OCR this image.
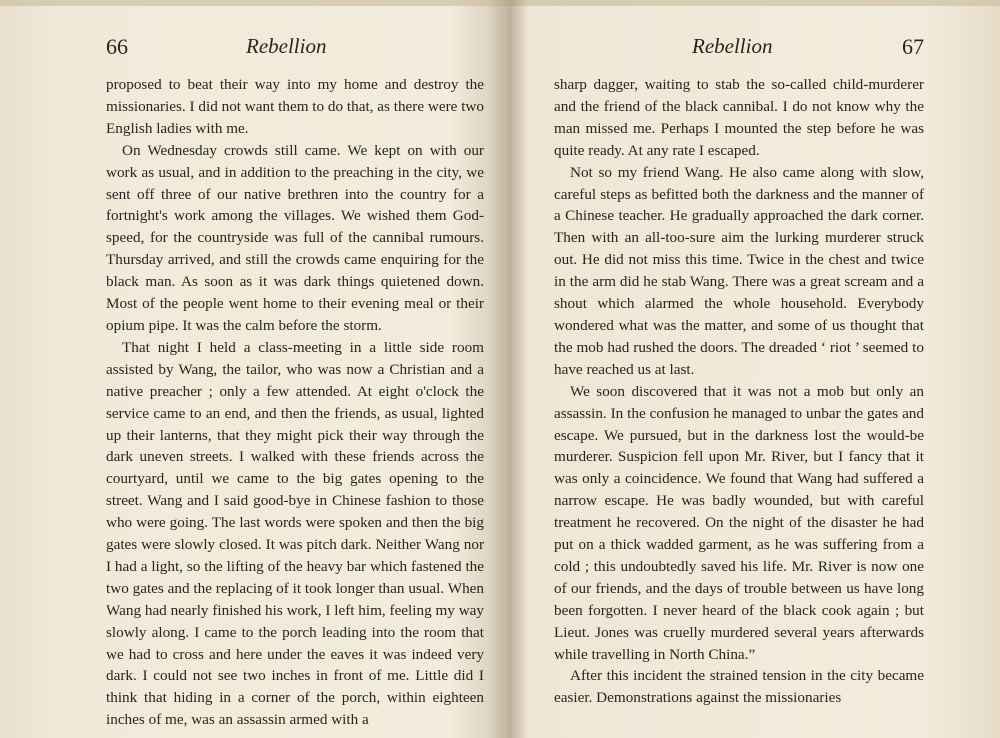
66	Rebellion

proposed to beat their way into my home and destroy the missionaries. I did not want them to do that, as there were two English ladies with me.

On Wednesday crowds still came. We kept on with our work as usual, and in addition to the preaching in the city, we sent off three of our native brethren into the country for a fortnight's work among the villages. We wished them God-speed, for the countryside was full of the cannibal rumours. Thursday arrived, and still the crowds came enquiring for the black man. As soon as it was dark things quietened down. Most of the people went home to their evening meal or their opium pipe. It was the calm before the storm.

That night I held a class-meeting in a little side room assisted by Wang, the tailor, who was now a Christian and a native preacher ; only a few attended. At eight o'clock the service came to an end, and then the friends, as usual, lighted up their lanterns, that they might pick their way through the dark uneven streets. I walked with these friends across the courtyard, until we came to the big gates opening to the street. Wang and I said good-bye in Chinese fashion to those who were going. The last words were spoken and then the big gates were slowly closed. It was pitch dark. Neither Wang nor I had a light, so the lifting of the heavy bar which fastened the two gates and the replacing of it took longer than usual. When Wang had nearly finished his work, I left him, feeling my way slowly along. I came to the porch leading into the room that we had to cross and here under the eaves it was indeed very dark. I could not see two inches in front of me. Little did I think that hiding in a corner of the porch, within eighteen inches of me, was an assassin armed with a

Rebellion	67

sharp dagger, waiting to stab the so-called child-murderer and the friend of the black cannibal. I do not know why the man missed me. Perhaps I mounted the step before he was quite ready. At any rate I escaped.

Not so my friend Wang. He also came along with slow, careful steps as befitted both the darkness and the manner of a Chinese teacher. He gradually approached the dark corner. Then with an all-too-sure aim the lurking murderer struck out. He did not miss this time. Twice in the chest and twice in the arm did he stab Wang. There was a great scream and a shout which alarmed the whole household. Everybody wondered what was the matter, and some of us thought that the mob had rushed the doors. The dreaded ‘ riot ’ seemed to have reached us at last.

We soon discovered that it was not a mob but only an assassin. In the confusion he managed to unbar the gates and escape. We pursued, but in the darkness lost the would-be murderer. Suspicion fell upon Mr. River, but I fancy that it was only a coincidence. We found that Wang had suffered a narrow escape. He was badly wounded, but with careful treatment he recovered. On the night of the disaster he had put on a thick wadded garment, as he was suffering from a cold ; this undoubtedly saved his life. Mr. River is now one of our friends, and the days of trouble between us have long been forgotten. I never heard of the black cook again ; but Lieut. Jones was cruelly murdered several years afterwards while travelling in North China.”

After this incident the strained tension in the city became easier. Demonstrations against the missionaries
